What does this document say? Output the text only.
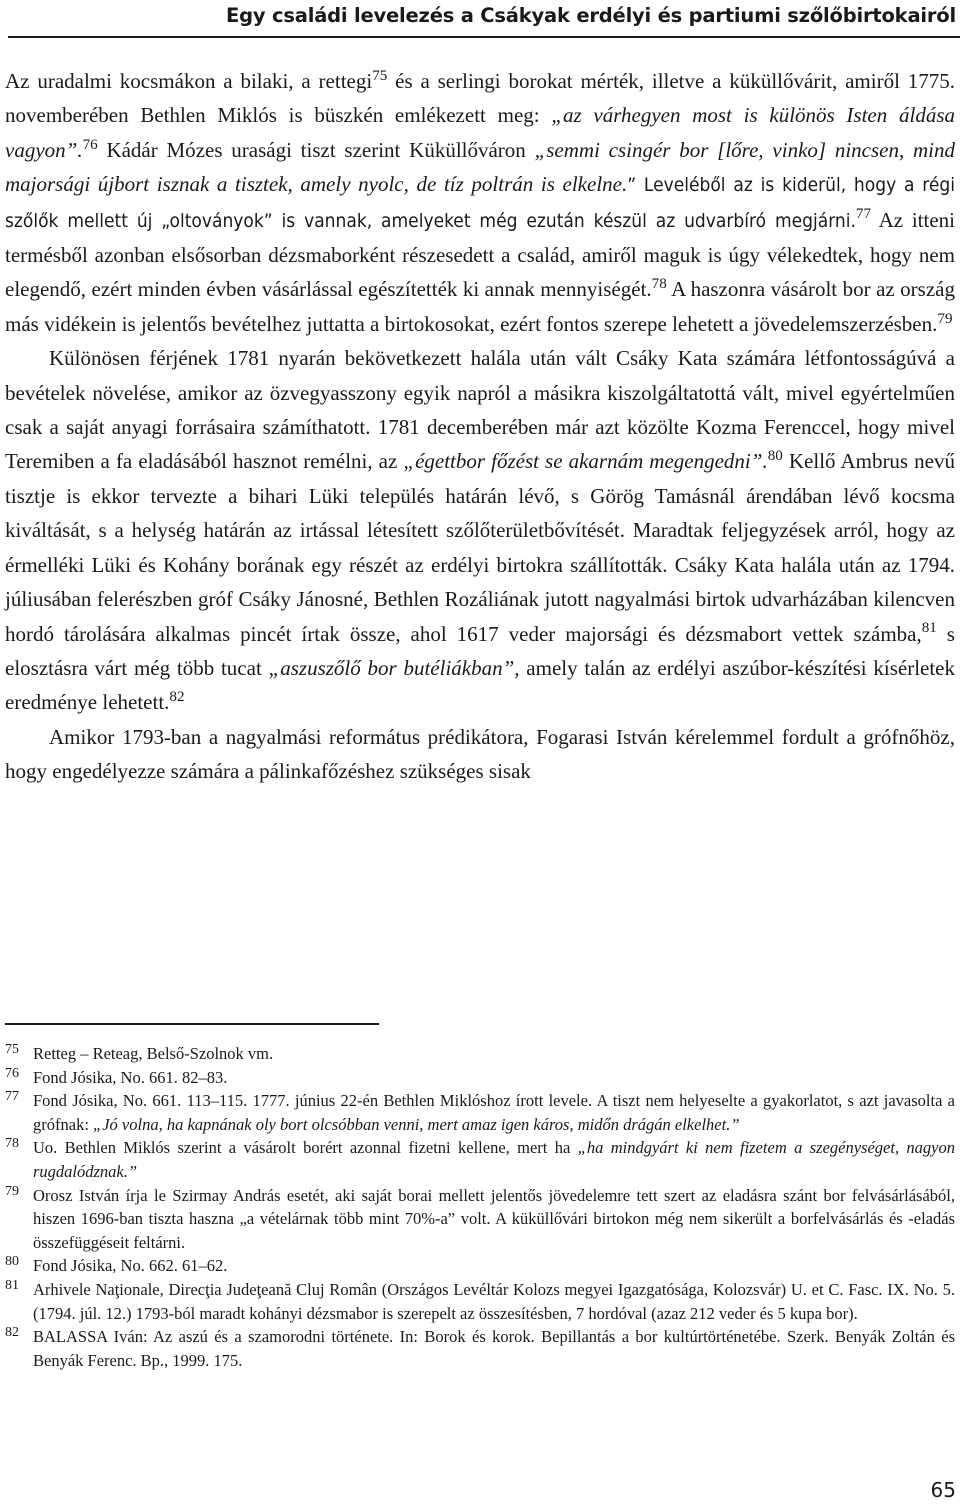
Egy családi levelezés a Csákyak erdélyi és partiumi szőlőbirtokairól

Az uradalmi kocsmákon a bilaki, a rettegi$^{75}$ és a serlingi borokat mérték, illetve a küküllővárit, amiről 1775. novemberében Bethlen Miklós is büszkén emlékezett meg: „az várhegyen most is különös Isten áldása vagyon”.$^{76}$ Kádár Mózes urasági tiszt szerint Küküllőváron „semmi csingér bor [lőre, vinko] nincsen, mind majorsági újbort isznak a tisztek, amely nyolc, de tíz poltrán is elkelne.” Leveléből az is kiderül, hogy a régi szőlők mellett új „oltoványok” is vannak, amelyeket még ezután készül az udvarbíró megjárni.$^{77}$ Az itteni termésből azonban elsősorban dézsmaborként részesedett a család, amiről maguk is úgy vélekedtek, hogy nem elegendő, ezért minden évben vásárlással egészítették ki annak mennyiségét.$^{78}$ A haszonra vásárolt bor az ország más vidékein is jelentős bevételhez juttatta a birtokosokat, ezért fontos szerepe lehetett a jövedelemszerzésben.$^{79}$

Különösen férjének 1781 nyarán bekövetkezett halála után vált Csáky Kata számára létfontosságúvá a bevételek növelése, amikor az özvegyasszony egyik napról a másikra kiszolgáltatottá vált, mivel egyértelműen csak a saját anyagi forrásaira számíthatott. 1781 decemberében már azt közölte Kozma Ferenccel, hogy mivel Teremiben a fa eladásából hasznot remélni, az „égettbor főzést se akarnám megengedni”.$^{80}$ Kellő Ambrus nevű tisztje is ekkor tervezte a bihari Lüki település határán lévő, s Görög Tamásnál árendában lévő kocsma kiváltását, s a helység határán az irtással létesített szőlőterületbővítését. Maradtak feljegyzések arról, hogy az érmelléki Lüki és Kohány borának egy részét az erdélyi birtokra szállították. Csáky Kata halála után az 1794. júliusában felerészben gróf Csáky Jánosné, Bethlen Rozáliának jutott nagyalmási birtok udvarházában kilencven hordó tárolására alkalmas pincét írtak össze, ahol 1617 veder majorsági és dézsmabort vettek számba,$^{81}$ s elosztásra várt még több tucat „aszuszőlő bor butéliákban”, amely talán az erdélyi aszúbor-készítési kísérletek eredménye lehetett.$^{82}$

Amikor 1793-ban a nagyalmási református prédikátora, Fogarasi István kérelemmel fordult a grófnőhöz, hogy engedélyezze számára a pálinkafőzéshez szükséges sisak

75 Retteg – Reteag, Belső-Szolnok vm.
76 Fond Jósika, No. 661. 82–83.
77 Fond Jósika, No. 661. 113–115. 1777. június 22-én Bethlen Miklóshoz írott levele. A tiszt nem helyeselte a gyakorlatot, s azt javasolta a grófnak: „Jó volna, ha kapnának oly bort olcsóbban venni, mert amaz igen káros, midőn drágán elkelhet.”
78 Uo. Bethlen Miklós szerint a vásárolt borért azonnal fizetni kellene, mert ha „ha mindgyárt ki nem fizetem a szegénységet, nagyon rugdalódznak.”
79 Orosz István írja le Szirmay András esetét, aki saját borai mellett jelentős jövedelemre tett szert az eladásra szánt bor felvásárlásából, hiszen 1696-ban tiszta haszna „a vételárnak több mint 70%-a” volt. A küküllővári birtokon még nem sikerült a borfelvásárlás és -eladás összefüggéseit feltárni.
80 Fond Jósika, No. 662. 61–62.
81 Arhivele Naţionale, Direcţia Judeţeană Cluj Român (Országos Levéltár Kolozs megyei Igazgatósága, Kolozsvár) U. et C. Fasc. IX. No. 5. (1794. júl. 12.) 1793-ból maradt kohányi dézsmabor is szerepelt az összesítésben, 7 hordóval (azaz 212 veder és 5 kupa bor).
82 BALASSA Iván: Az aszú és a szamorodni története. In: Borok és korok. Bepillantás a bor kultúrtörténetébe. Szerk. Benyák Zoltán és Benyák Ferenc. Bp., 1999. 175.
65
